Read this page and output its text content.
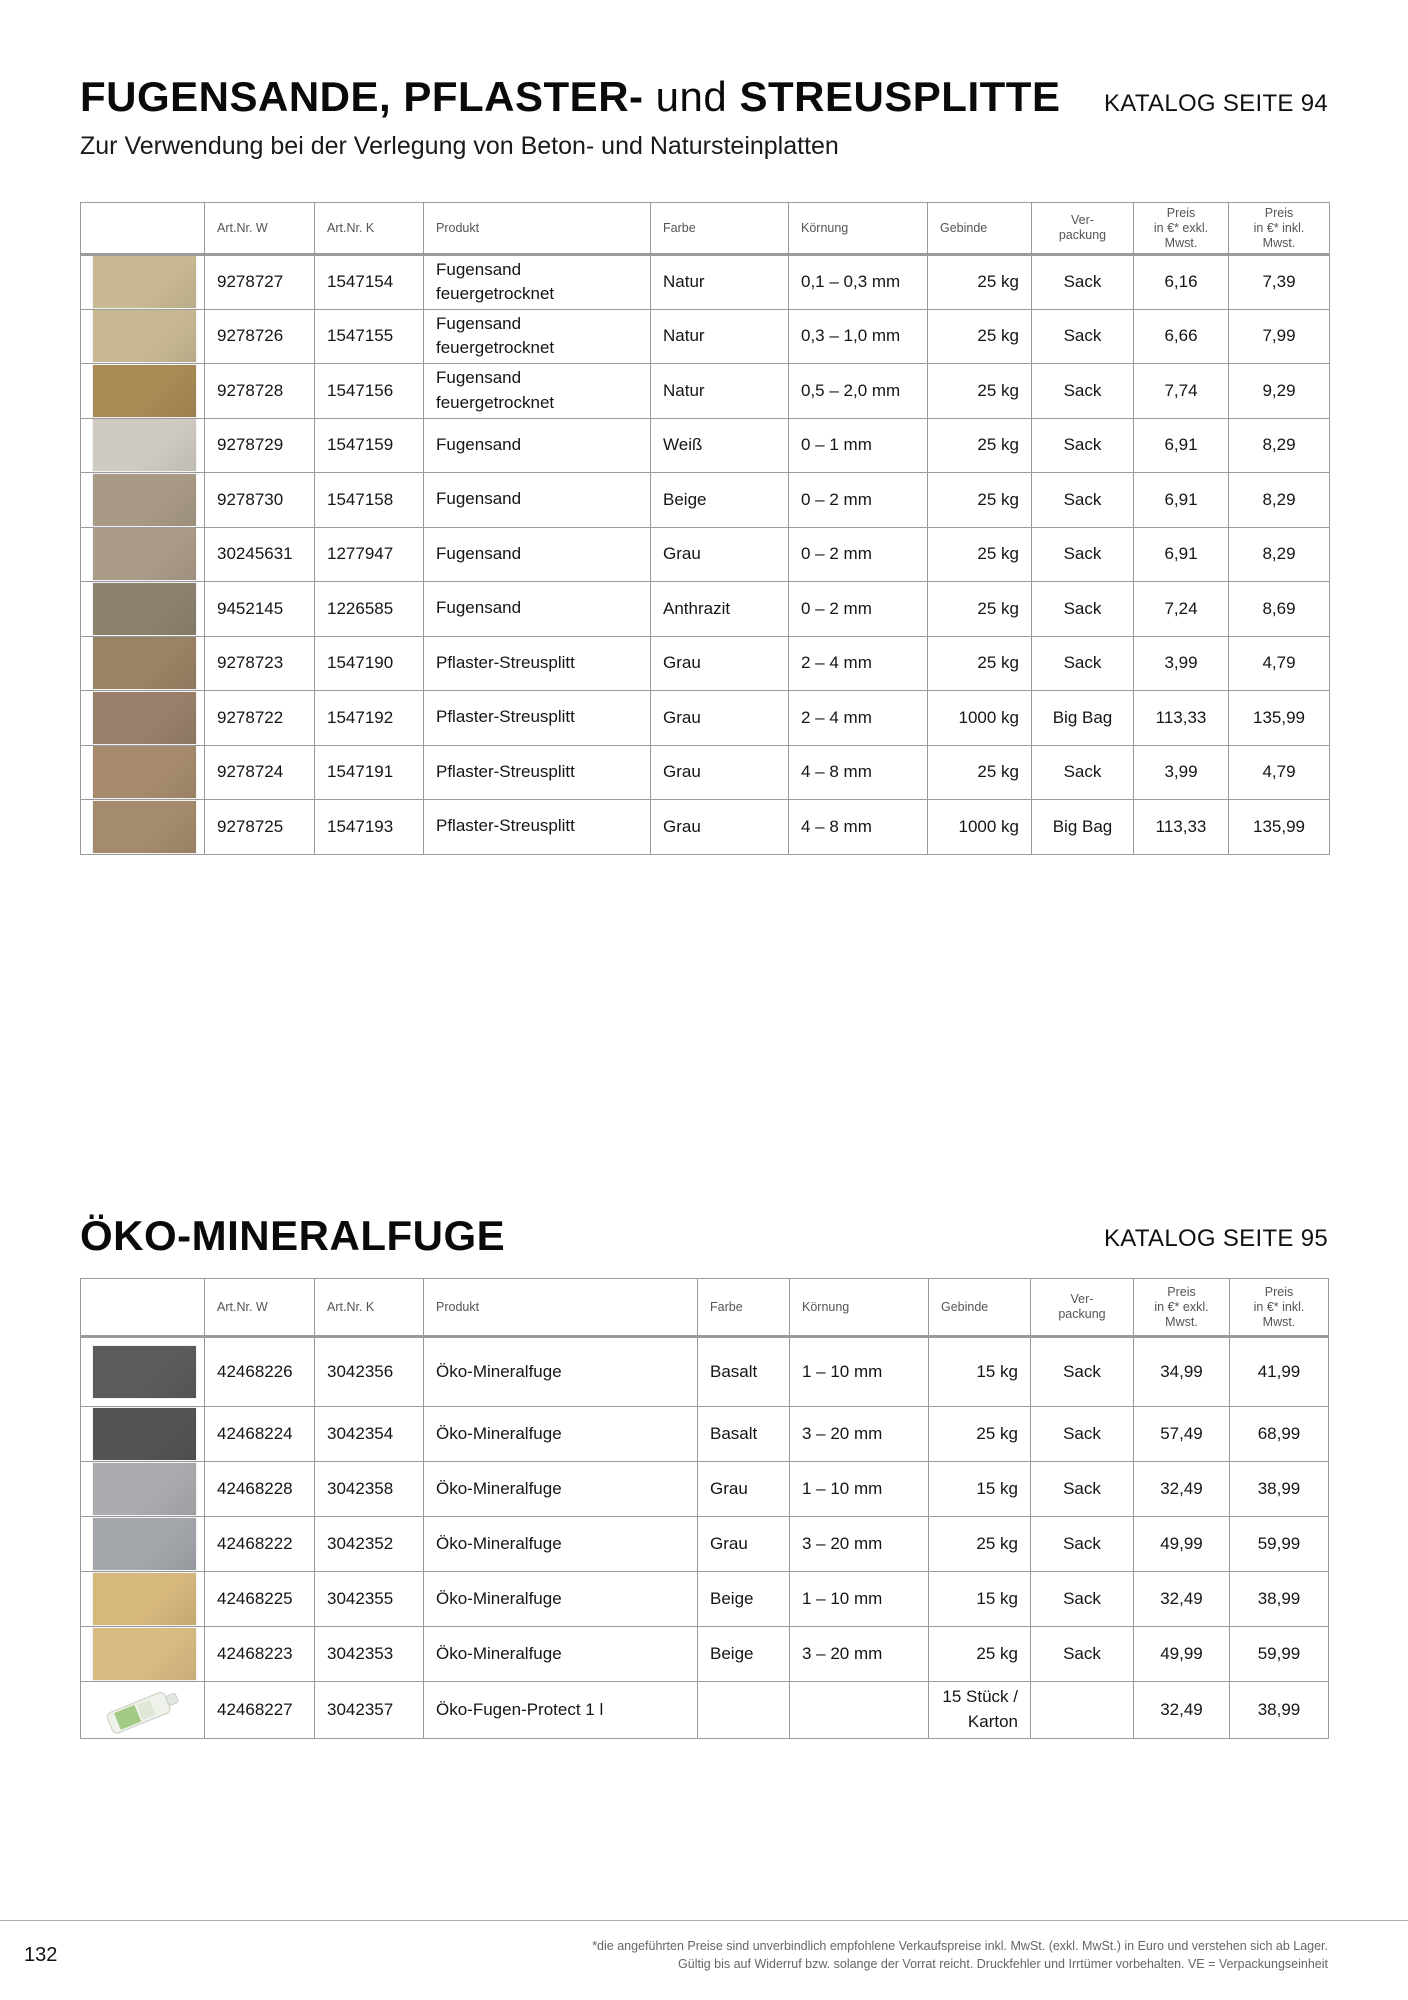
FUGENSANDE, PFLASTER- und STREUSPLITTE KATALOG SEITE 94
Zur Verwendung bei der Verlegung von Beton- und Natursteinplatten
	Art.Nr. W	Art.Nr. K	Produkt	Farbe	Körnung	Gebinde	Ver-
packung	Preis
in €* exkl.
Mwst.	Preis
in €* inkl.
Mwst.

	9278727	1547154	Fugensand
feuergetrocknet	Natur	0,1 – 0,3 mm	25 kg	Sack	6,16	7,39

	9278726	1547155	Fugensand
feuergetrocknet	Natur	0,3 – 1,0 mm	25 kg	Sack	6,66	7,99

	9278728	1547156	Fugensand
feuergetrocknet	Natur	0,5 – 2,0 mm	25 kg	Sack	7,74	9,29

	9278729	1547159	Fugensand	Weiß	0 – 1 mm	25 kg	Sack	6,91	8,29

	9278730	1547158	Fugensand	Beige	0 – 2 mm	25 kg	Sack	6,91	8,29

	30245631	1277947	Fugensand	Grau	0 – 2 mm	25 kg	Sack	6,91	8,29

	9452145	1226585	Fugensand	Anthrazit	0 – 2 mm	25 kg	Sack	7,24	8,69

	9278723	1547190	Pflaster-Streusplitt	Grau	2 – 4 mm	25 kg	Sack	3,99	4,79

	9278722	1547192	Pflaster-Streusplitt	Grau	2 – 4 mm	1000 kg	Big Bag	113,33	135,99

	9278724	1547191	Pflaster-Streusplitt	Grau	4 – 8 mm	25 kg	Sack	3,99	4,79

	9278725	1547193	Pflaster-Streusplitt	Grau	4 – 8 mm	1000 kg	Big Bag	113,33	135,99
ÖKO-MINERALFUGE	KATALOG SEITE 95
	Art.Nr. W	Art.Nr. K	Produkt	Farbe	Körnung	Gebinde	Ver-
packung	Preis
in €* exkl.
Mwst.	Preis
in €* inkl.
Mwst.

	42468226	3042356	Öko-Mineralfuge	Basalt	1 – 10 mm	15 kg	Sack	34,99	41,99

	42468224	3042354	Öko-Mineralfuge	Basalt	3 – 20 mm	25 kg	Sack	57,49	68,99

	42468228	3042358	Öko-Mineralfuge	Grau	1 – 10 mm	15 kg	Sack	32,49	38,99

	42468222	3042352	Öko-Mineralfuge	Grau	3 – 20 mm	25 kg	Sack	49,99	59,99

	42468225	3042355	Öko-Mineralfuge	Beige	1 – 10 mm	15 kg	Sack	32,49	38,99

	42468223	3042353	Öko-Mineralfuge	Beige	3 – 20 mm	25 kg	Sack	49,99	59,99

	42468227	3042357	Öko-Fugen-Protect 1 l			15 Stück /
Karton		32,49	38,99
132	*die angeführten Preise sind unverbindlich empfohlene Verkaufspreise inkl. MwSt. (exkl. MwSt.) in Euro und verstehen sich ab Lager.
Gültig bis auf Widerruf bzw. solange der Vorrat reicht. Druckfehler und Irrtümer vorbehalten. VE = Verpackungseinheit
